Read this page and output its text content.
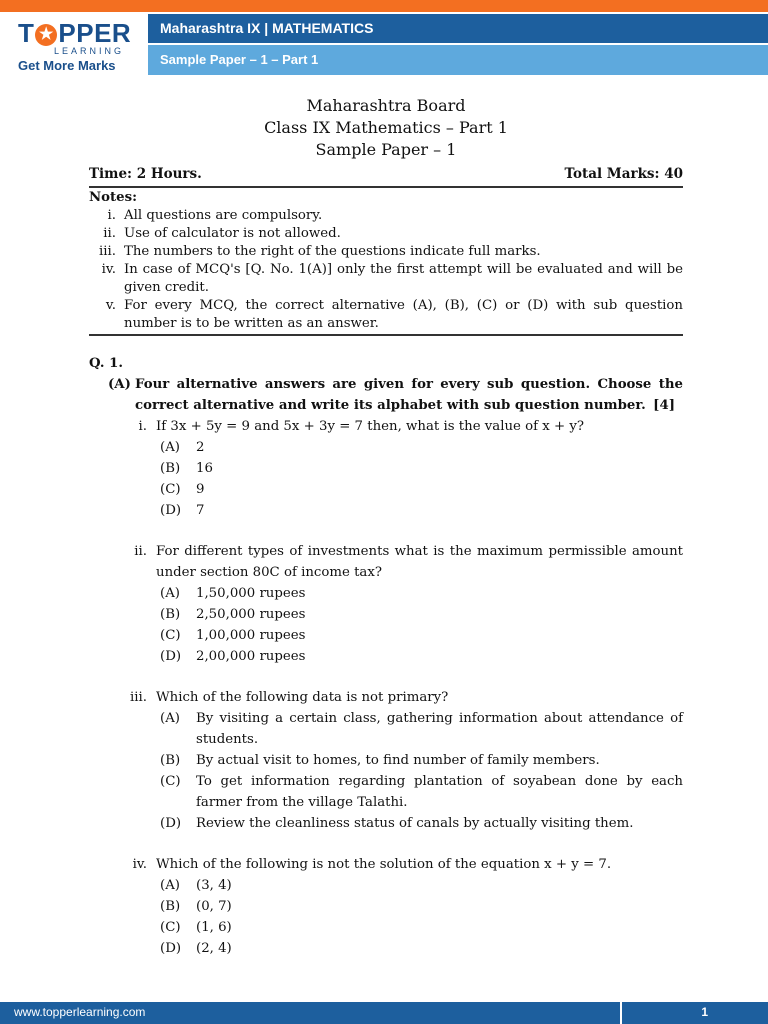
T ★ PPER
LEARNING
Get More Marks
Maharashtra IX | MATHEMATICS
Sample Paper – 1 – Part 1
Maharashtra Board
Class IX Mathematics – Part 1
Sample Paper – 1
Time: 2 Hours.	Total Marks: 40
Notes:
i. All questions are compulsory.
ii. Use of calculator is not allowed.
iii. The numbers to the right of the questions indicate full marks.
iv. In case of MCQ's [Q. No. 1(A)] only the first attempt will be evaluated and will be given credit.
v. For every MCQ, the correct alternative (A), (B), (C) or (D) with sub question number is to be written as an answer.
Q. 1.
(A) Four alternative answers are given for every sub question. Choose the correct alternative and write its alphabet with sub question number. [4]
i. If 3x + 5y = 9 and 5x + 3y = 7 then, what is the value of x + y?
(A)	2
(B)	16
(C)	9
(D)	7
ii. For different types of investments what is the maximum permissible amount under section 80C of income tax?
(A)	1,50,000 rupees
(B)	2,50,000 rupees
(C)	1,00,000 rupees
(D)	2,00,000 rupees
iii. Which of the following data is not primary?
(A)	By visiting a certain class, gathering information about attendance of students.
(B)	By actual visit to homes, to find number of family members.
(C)	To get information regarding plantation of soyabean done by each farmer from the village Talathi.
(D)	Review the cleanliness status of canals by actually visiting them.
iv. Which of the following is not the solution of the equation x + y = 7.
(A)	(3, 4)
(B)	(0, 7)
(C)	(1, 6)
(D)	(2, 4)
www.topperlearning.com	1
